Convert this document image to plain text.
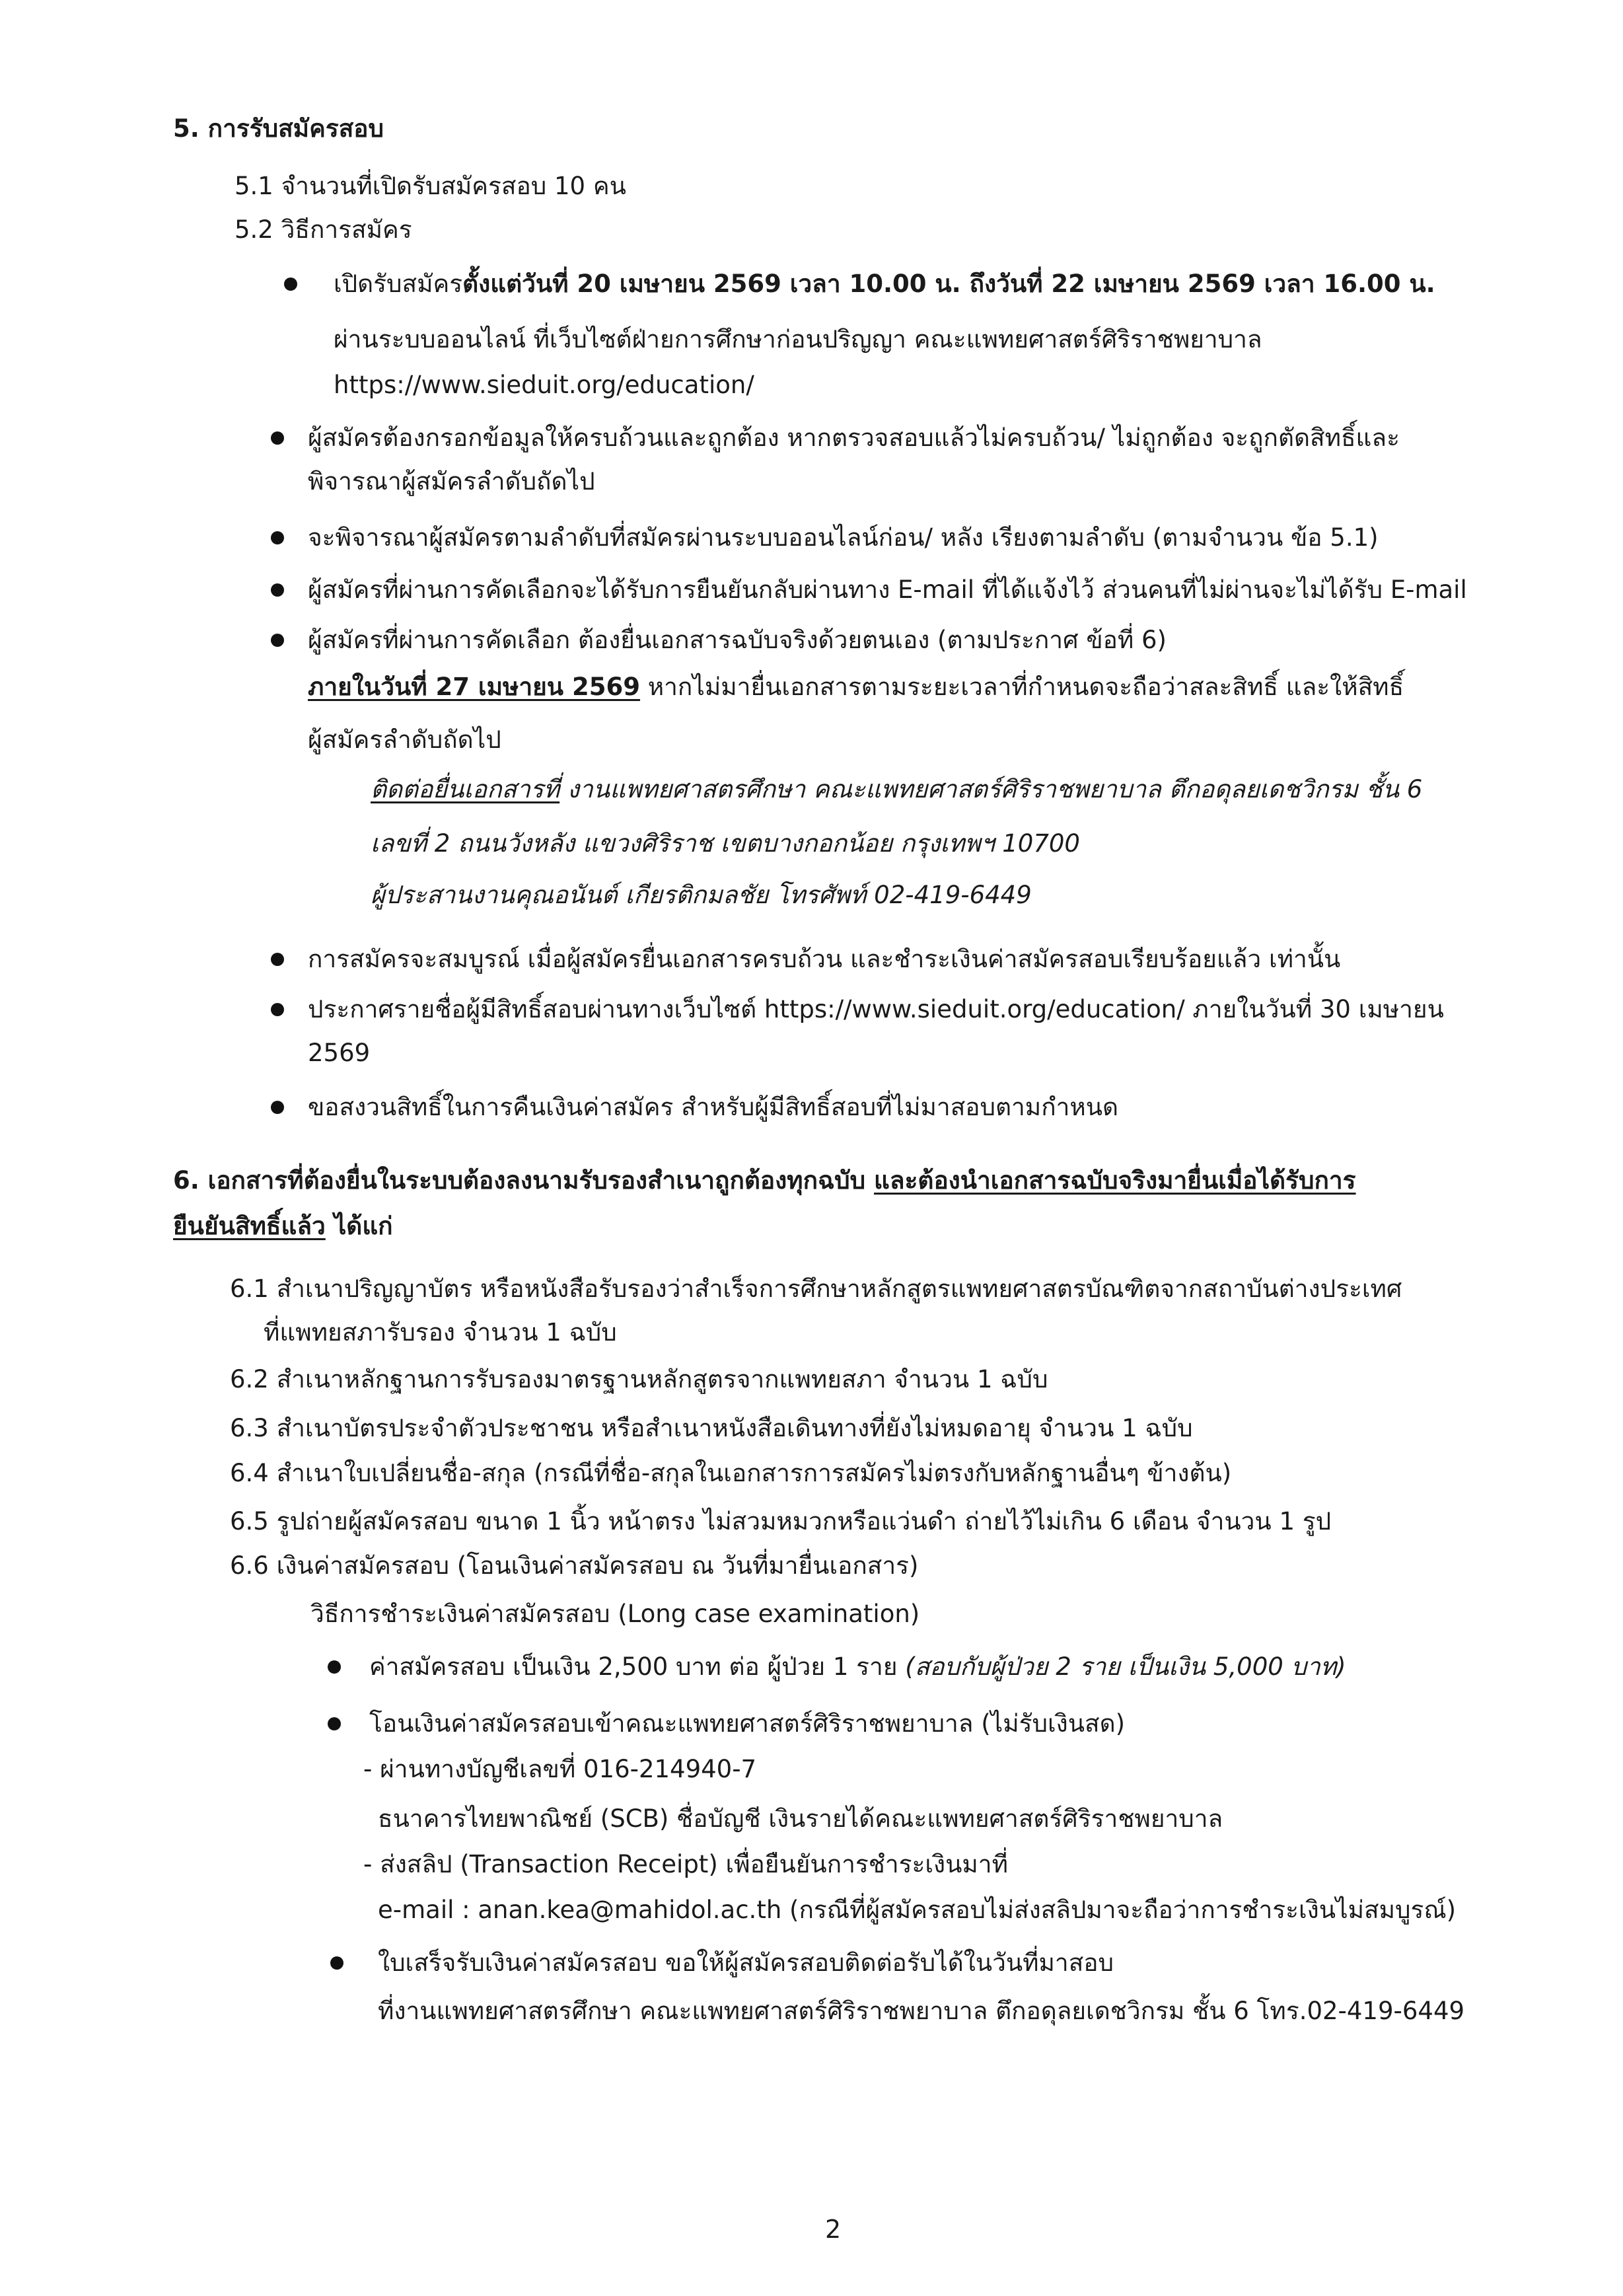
5. การรับสมัครสอบ
5.1 จำนวนที่เปิดรับสมัครสอบ 10 คน
5.2 วิธีการสมัคร
เปิดรับสมัครตั้งแต่วันที่ 20 เมษายน 2569 เวลา 10.00 น. ถึงวันที่ 22 เมษายน 2569 เวลา 16.00 น.
ผ่านระบบออนไลน์ ที่เว็บไซต์ฝ่ายการศึกษาก่อนปริญญา คณะแพทยศาสตร์ศิริราชพยาบาล
https://www.sieduit.org/education/
ผู้สมัครต้องกรอกข้อมูลให้ครบถ้วนและถูกต้อง หากตรวจสอบแล้วไม่ครบถ้วน/ ไม่ถูกต้อง จะถูกตัดสิทธิ์และ
พิจารณาผู้สมัครลำดับถัดไป
จะพิจารณาผู้สมัครตามลำดับที่สมัครผ่านระบบออนไลน์ก่อน/ หลัง เรียงตามลำดับ (ตามจำนวน ข้อ 5.1)
ผู้สมัครที่ผ่านการคัดเลือกจะได้รับการยืนยันกลับผ่านทาง E-mail ที่ได้แจ้งไว้ ส่วนคนที่ไม่ผ่านจะไม่ได้รับ E-mail
ผู้สมัครที่ผ่านการคัดเลือก ต้องยื่นเอกสารฉบับจริงด้วยตนเอง (ตามประกาศ ข้อที่ 6)
ภายในวันที่ 27 เมษายน 2569 หากไม่มายื่นเอกสารตามระยะเวลาที่กำหนดจะถือว่าสละสิทธิ์ และให้สิทธิ์
ผู้สมัครลำดับถัดไป
ติดต่อยื่นเอกสารที่ งานแพทยศาสตรศึกษา คณะแพทยศาสตร์ศิริราชพยาบาล ตึกอดุลยเดชวิกรม ชั้น 6
เลขที่ 2 ถนนวังหลัง แขวงศิริราช เขตบางกอกน้อย กรุงเทพฯ 10700
ผู้ประสานงานคุณอนันต์ เกียรติกมลชัย โทรศัพท์ 02-419-6449
การสมัครจะสมบูรณ์ เมื่อผู้สมัครยื่นเอกสารครบถ้วน และชำระเงินค่าสมัครสอบเรียบร้อยแล้ว เท่านั้น
ประกาศรายชื่อผู้มีสิทธิ์สอบผ่านทางเว็บไซต์ https://www.sieduit.org/education/ ภายในวันที่ 30 เมษายน
2569
ขอสงวนสิทธิ์ในการคืนเงินค่าสมัคร สำหรับผู้มีสิทธิ์สอบที่ไม่มาสอบตามกำหนด
6. เอกสารที่ต้องยื่นในระบบต้องลงนามรับรองสำเนาถูกต้องทุกฉบับ และต้องนำเอกสารฉบับจริงมายื่นเมื่อได้รับการ
ยืนยันสิทธิ์แล้ว ได้แก่
6.1 สำเนาปริญญาบัตร หรือหนังสือรับรองว่าสำเร็จการศึกษาหลักสูตรแพทยศาสตรบัณฑิตจากสถาบันต่างประเทศ
ที่แพทยสภารับรอง จำนวน 1 ฉบับ
6.2 สำเนาหลักฐานการรับรองมาตรฐานหลักสูตรจากแพทยสภา จำนวน 1 ฉบับ
6.3 สำเนาบัตรประจำตัวประชาชน หรือสำเนาหนังสือเดินทางที่ยังไม่หมดอายุ จำนวน 1 ฉบับ
6.4 สำเนาใบเปลี่ยนชื่อ-สกุล (กรณีที่ชื่อ-สกุลในเอกสารการสมัครไม่ตรงกับหลักฐานอื่นๆ ข้างต้น)
6.5 รูปถ่ายผู้สมัครสอบ ขนาด 1 นิ้ว หน้าตรง ไม่สวมหมวกหรือแว่นดำ ถ่ายไว้ไม่เกิน 6 เดือน จำนวน 1 รูป
6.6 เงินค่าสมัครสอบ (โอนเงินค่าสมัครสอบ ณ วันที่มายื่นเอกสาร)
วิธีการชำระเงินค่าสมัครสอบ (Long case examination)
ค่าสมัครสอบ เป็นเงิน 2,500 บาท ต่อ ผู้ป่วย 1 ราย (สอบกับผู้ป่วย 2 ราย เป็นเงิน 5,000 บาท)
โอนเงินค่าสมัครสอบเข้าคณะแพทยศาสตร์ศิริราชพยาบาล (ไม่รับเงินสด)
- ผ่านทางบัญชีเลขที่ 016-214940-7
ธนาคารไทยพาณิชย์ (SCB) ชื่อบัญชี เงินรายได้คณะแพทยศาสตร์ศิริราชพยาบาล
- ส่งสลิป (Transaction Receipt) เพื่อยืนยันการชำระเงินมาที่
e-mail : anan.kea@mahidol.ac.th (กรณีที่ผู้สมัครสอบไม่ส่งสลิปมาจะถือว่าการชำระเงินไม่สมบูรณ์)
ใบเสร็จรับเงินค่าสมัครสอบ ขอให้ผู้สมัครสอบติดต่อรับได้ในวันที่มาสอบ
ที่งานแพทยศาสตรศึกษา คณะแพทยศาสตร์ศิริราชพยาบาล ตึกอดุลยเดชวิกรม ชั้น 6 โทร.02-419-6449
2
